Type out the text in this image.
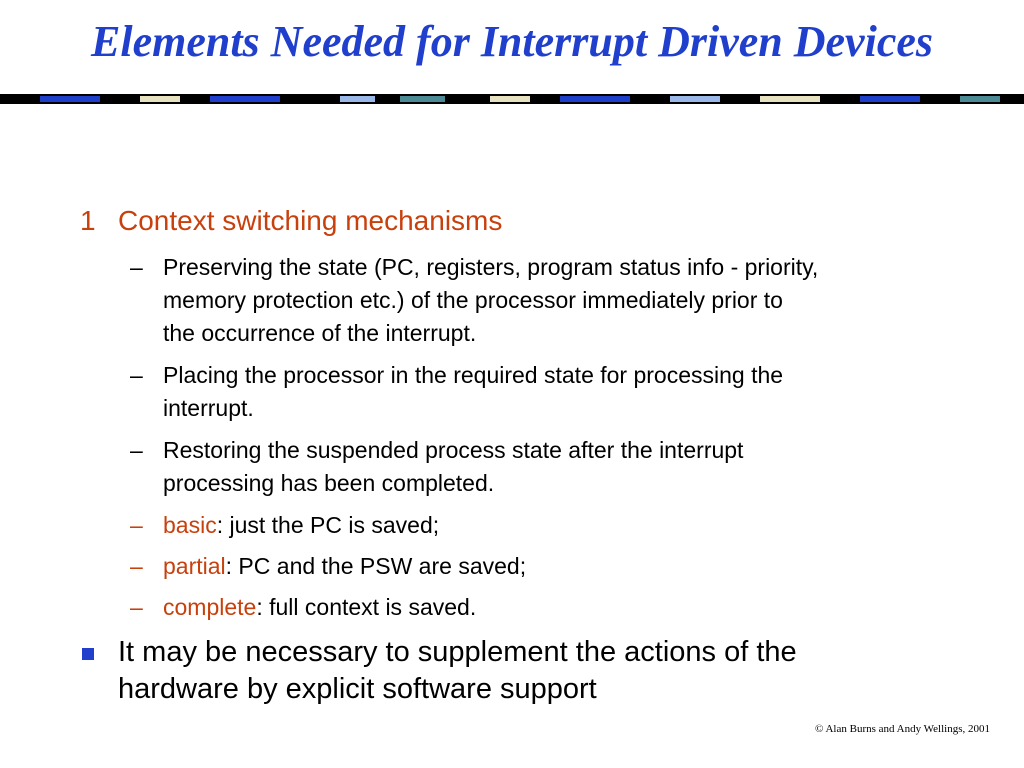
Elements Needed for Interrupt Driven Devices
1 Context switching mechanisms
– Preserving the state (PC, registers, program status info - priority,
memory protection etc.) of the processor immediately prior to
the occurrence of the interrupt.
– Placing the processor in the required state for processing the
interrupt.
– Restoring the suspended process state after the interrupt
processing has been completed.
– basic: just the PC is saved;
– partial: PC and the PSW are saved;
– complete: full context is saved.
It may be necessary to supplement the actions of the
hardware by explicit software support
© Alan Burns and Andy Wellings, 2001
